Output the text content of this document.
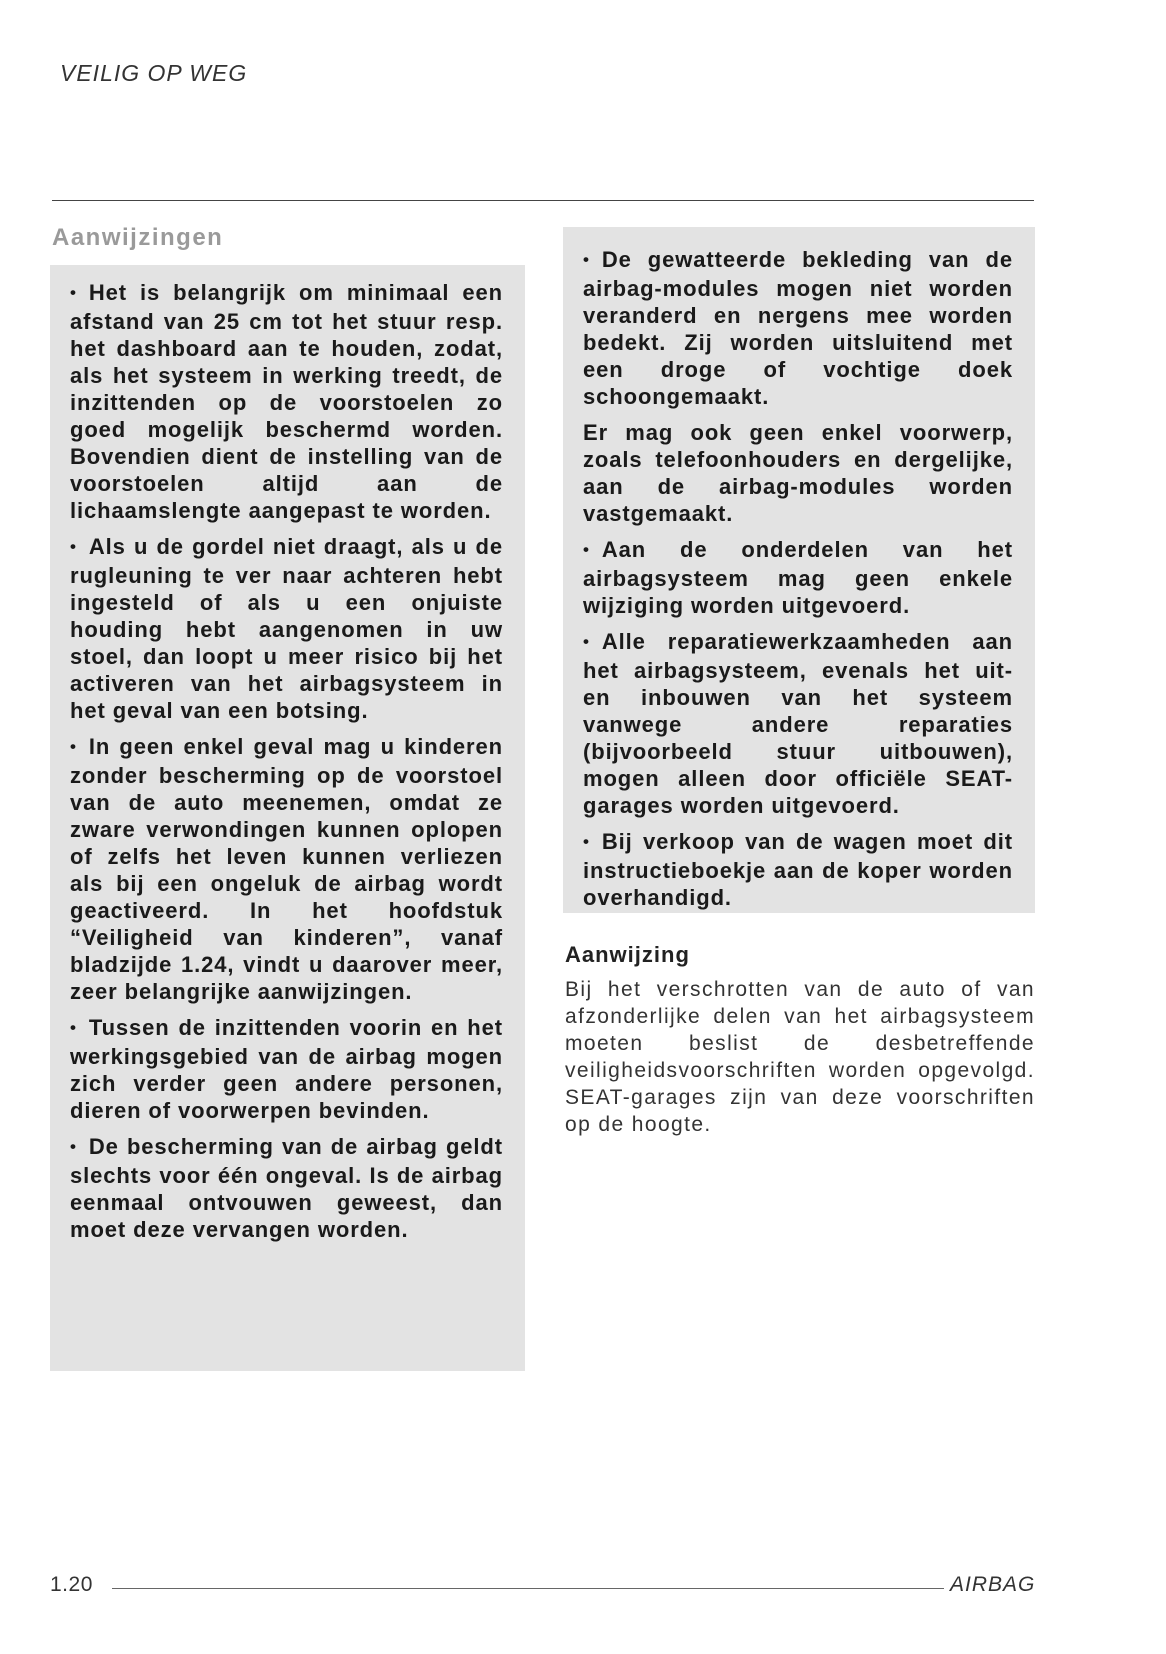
VEILIG OP WEG
Aanwijzingen

• Het is belangrijk om minimaal een afstand van 25 cm tot het stuur resp. het dashboard aan te houden, zodat, als het systeem in werking treedt, de inzittenden op de voorstoelen zo goed mogelijk beschermd worden. Bovendien dient de instelling van de voorstoelen altijd aan de lichaamslengte aangepast te worden.

• Als u de gordel niet draagt, als u de rugleuning te ver naar achteren hebt ingesteld of als u een onjuiste houding hebt aangenomen in uw stoel, dan loopt u meer risico bij het activeren van het airbagsysteem in het geval van een botsing.

• In geen enkel geval mag u kinderen zonder bescherming op de voorstoel van de auto meenemen, omdat ze zware verwondingen kunnen oplopen of zelfs het leven kunnen verliezen als bij een ongeluk de airbag wordt geactiveerd. In het hoofdstuk “Veiligheid van kinderen”, vanaf bladzijde 1.24, vindt u daarover meer, zeer belangrijke aanwijzingen.

• Tussen de inzittenden voorin en het werkingsgebied van de airbag mogen zich verder geen andere personen, dieren of voorwerpen bevinden.

• De bescherming van de airbag geldt slechts voor één ongeval. Is de airbag eenmaal ontvouwen geweest, dan moet deze vervangen worden.

• De gewatteerde bekleding van de airbag-modules mogen niet worden veranderd en nergens mee worden bedekt. Zij worden uitsluitend met een droge of vochtige doek schoongemaakt.

Er mag ook geen enkel voorwerp, zoals telefoonhouders en dergelijke, aan de airbag-modules worden vastgemaakt.

• Aan de onderdelen van het airbagsysteem mag geen enkele wijziging worden uitgevoerd.

• Alle reparatiewerkzaamheden aan het airbagsysteem, evenals het uit- en inbouwen van het systeem vanwege andere reparaties (bijvoorbeeld stuur uitbouwen), mogen alleen door officiële SEAT-garages worden uitgevoerd.

• Bij verkoop van de wagen moet dit instructieboekje aan de koper worden overhandigd.

Aanwijzing

Bij het verschrotten van de auto of van afzonderlijke delen van het airbagsysteem moeten beslist de desbetreffende veiligheidsvoorschriften worden opgevolgd. SEAT-garages zijn van deze voorschriften op de hoogte.

1.20	AIRBAG
